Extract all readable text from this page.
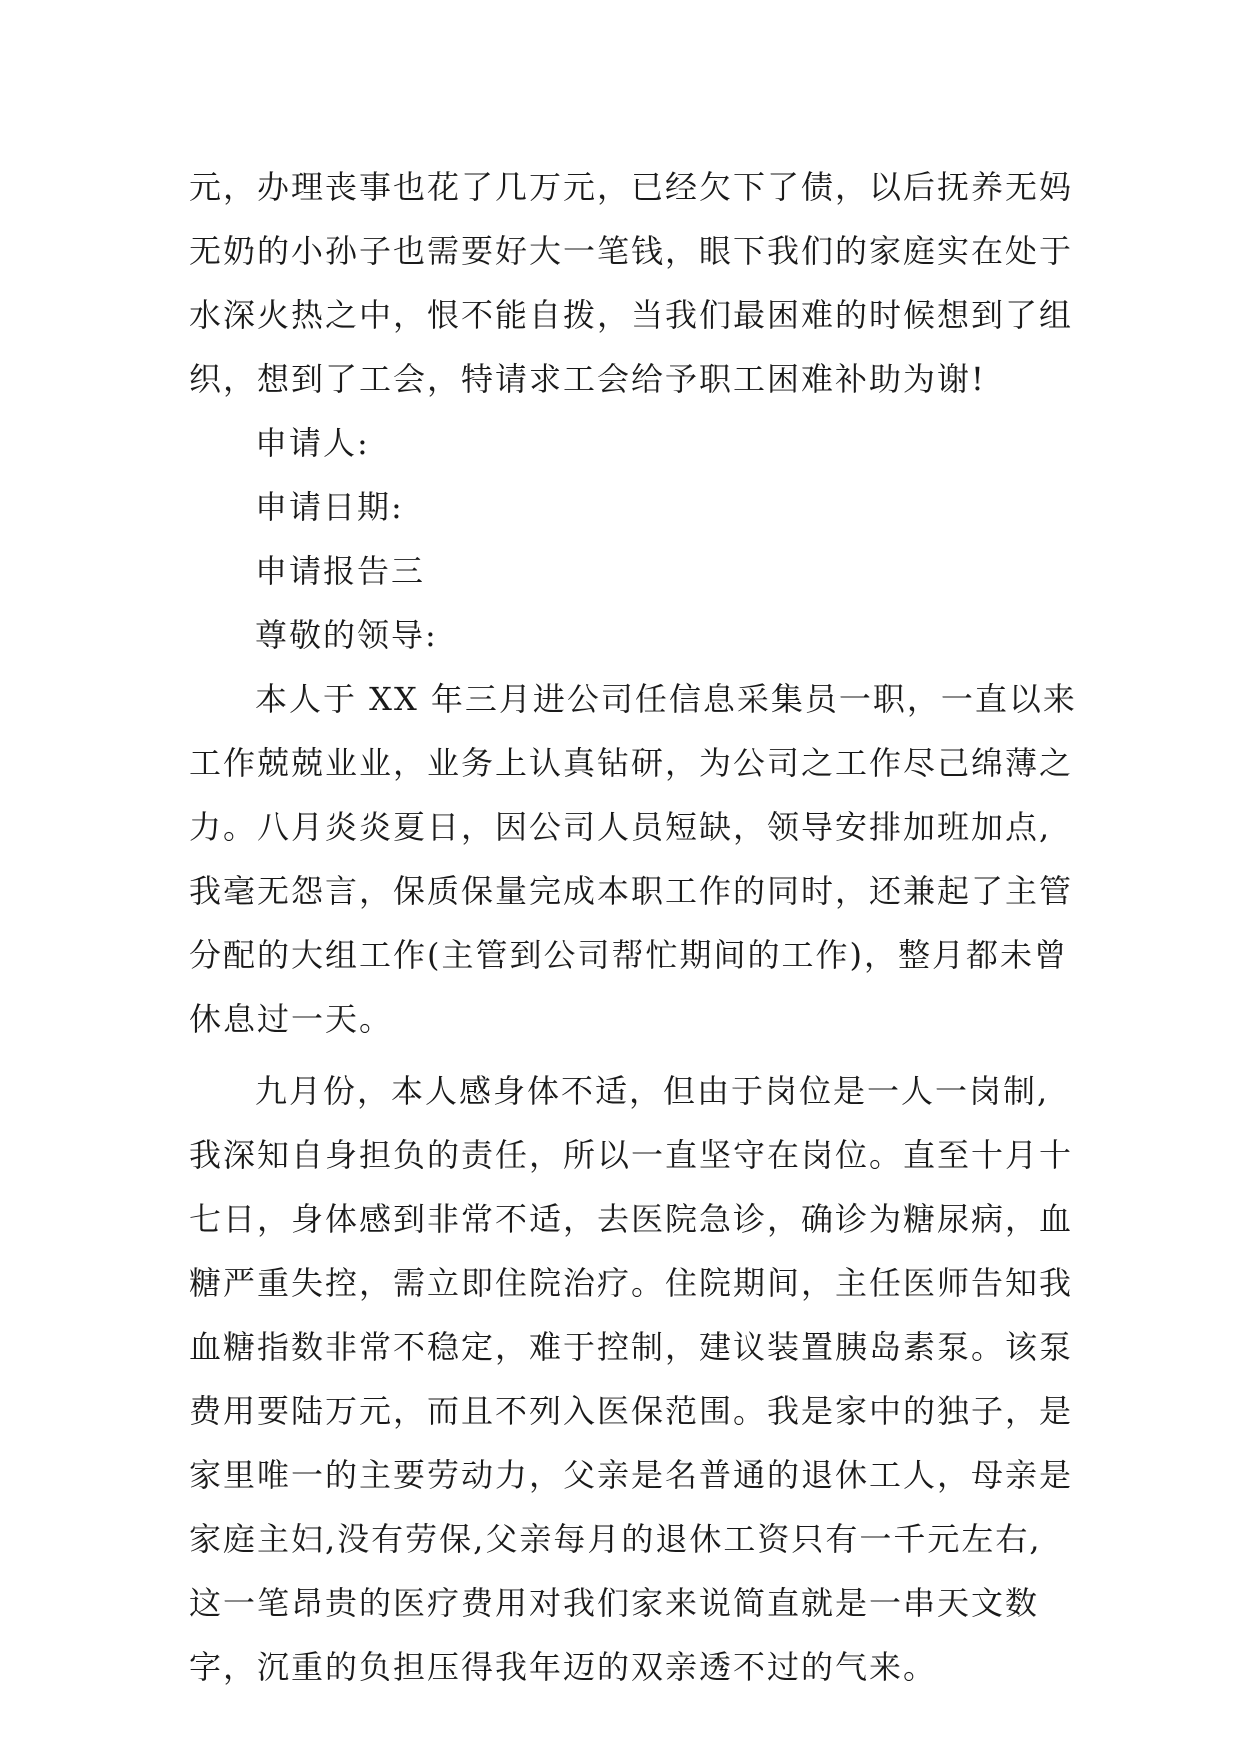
元，办理丧事也花了几万元，已经欠下了债，以后抚养无妈
无奶的小孙子也需要好大一笔钱，眼下我们的家庭实在处于
水深火热之中，恨不能自拨，当我们最困难的时候想到了组
织，想到了工会，特请求工会给予职工困难补助为谢!
申请人:
申请日期:
申请报告三
尊敬的领导:
本人于 XX 年三月进公司任信息采集员一职，一直以来
工作兢兢业业，业务上认真钻研，为公司之工作尽己绵薄之
力。八月炎炎夏日，因公司人员短缺，领导安排加班加点,
我毫无怨言，保质保量完成本职工作的同时，还兼起了主管
分配的大组工作(主管到公司帮忙期间的工作)，整月都未曾
休息过一天。
九月份，本人感身体不适，但由于岗位是一人一岗制,
我深知自身担负的责任，所以一直坚守在岗位。直至十月十
七日，身体感到非常不适，去医院急诊，确诊为糖尿病，血
糖严重失控，需立即住院治疗。住院期间，主任医师告知我
血糖指数非常不稳定，难于控制，建议装置胰岛素泵。该泵
费用要陆万元，而且不列入医保范围。我是家中的独子，是
家里唯一的主要劳动力，父亲是名普通的退休工人，母亲是
家庭主妇,没有劳保,父亲每月的退休工资只有一千元左右,
这一笔昂贵的医疗费用对我们家来说简直就是一串天文数
字，沉重的负担压得我年迈的双亲透不过的气来。
